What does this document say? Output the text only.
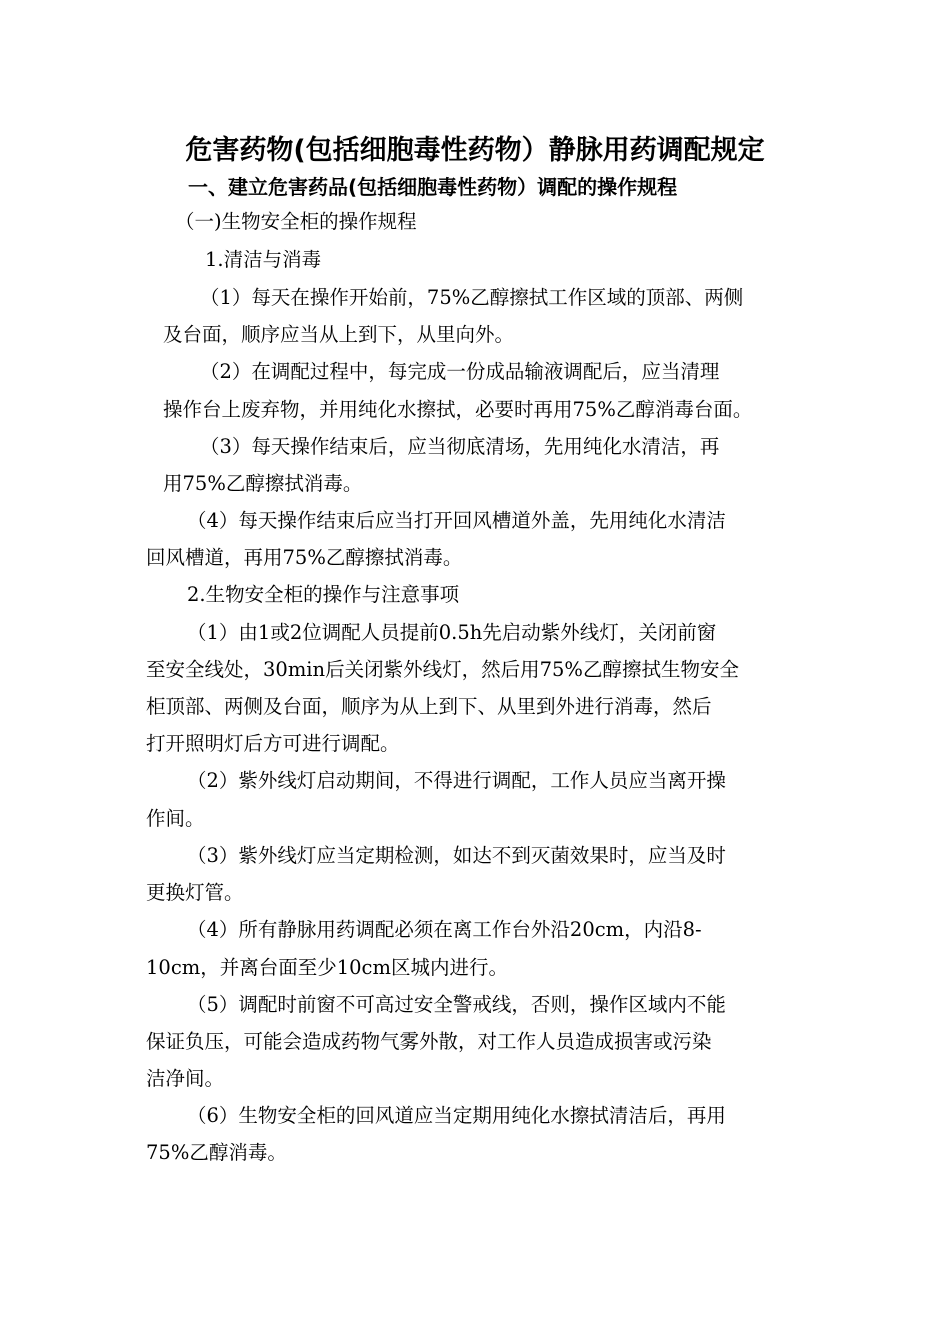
危害药物(包括细胞毒性药物）静脉用药调配规定
一、建立危害药品(包括细胞毒性药物）调配的操作规程

（一)生物安全柜的操作规程

1.清洁与消毒

（1）每天在操作开始前，75%乙醇擦拭工作区域的顶部、两侧

及台面，顺序应当从上到下，从里向外。

（2）在调配过程中，每完成一份成品输液调配后，应当清理

操作台上废弃物，并用纯化水擦拭，必要时再用75%乙醇消毒台面。

（3）每天操作结束后，应当彻底清场，先用纯化水清洁，再

用75%乙醇擦拭消毒。

（4）每天操作结束后应当打开回风槽道外盖，先用纯化水清洁

回风槽道，再用75%乙醇擦拭消毒。

2.生物安全柜的操作与注意事项

（1）由1或2位调配人员提前0.5h先启动紫外线灯，关闭前窗

至安全线处，30min后关闭紫外线灯，然后用75%乙醇擦拭生物安全

柜顶部、两侧及台面，顺序为从上到下、从里到外进行消毒，然后

打开照明灯后方可进行调配。

（2）紫外线灯启动期间，不得进行调配，工作人员应当离开操

作间。

（3）紫外线灯应当定期检测，如达不到灭菌效果时，应当及时

更换灯管。

（4）所有静脉用药调配必须在离工作台外沿20cm，内沿8-

10cm，并离台面至少10cm区城内进行。

（5）调配时前窗不可高过安全警戒线，否则，操作区域内不能

保证负压，可能会造成药物气雾外散，对工作人员造成损害或污染

洁净间。

（6）生物安全柜的回风道应当定期用纯化水擦拭清洁后，再用

75%乙醇消毒。
